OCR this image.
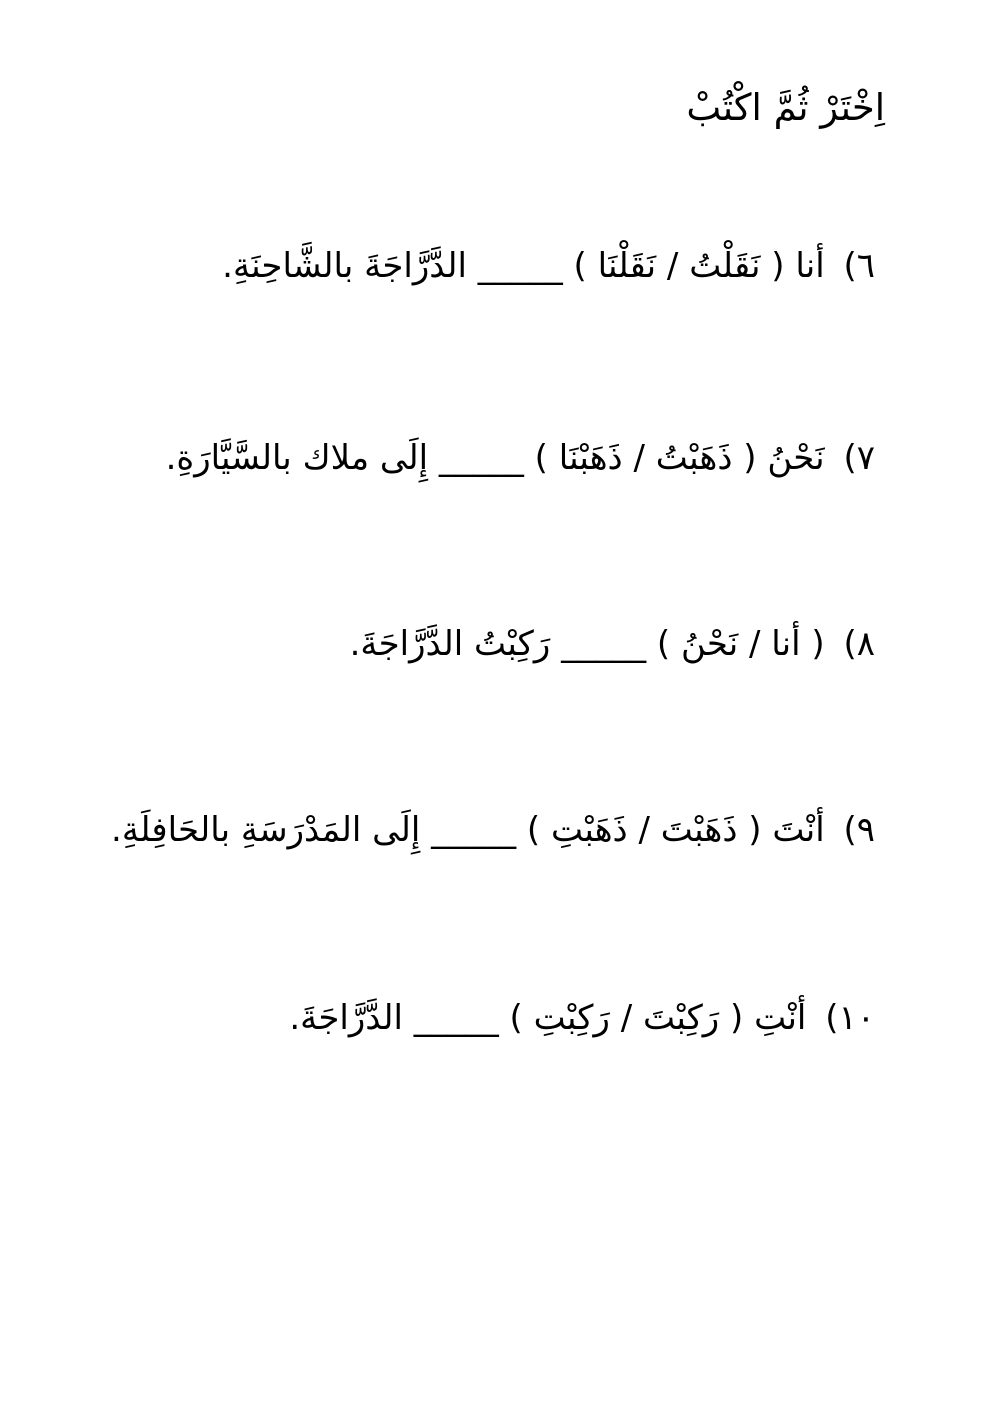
اِخْتَرْ ثُمَّ اكْتُبْ
٦) أنا ( نَقَلْتُ / نَقَلْنَا ) _____ الدَّرَّاجَةَ بالشَّاحِنَةِ.
٧) نَحْنُ ( ذَهَبْتُ / ذَهَبْنَا ) _____ إِلَى ملاك بالسَّيَّارَةِ.
٨) ( أنا / نَحْنُ ) _____ رَكِبْتُ الدَّرَّاجَةَ.
٩) أنْتَ ( ذَهَبْتَ / ذَهَبْتِ ) _____ إِلَى المَدْرَسَةِ بالحَافِلَةِ.
١٠) أنْتِ ( رَكِبْتَ / رَكِبْتِ ) _____ الدَّرَّاجَةَ.
